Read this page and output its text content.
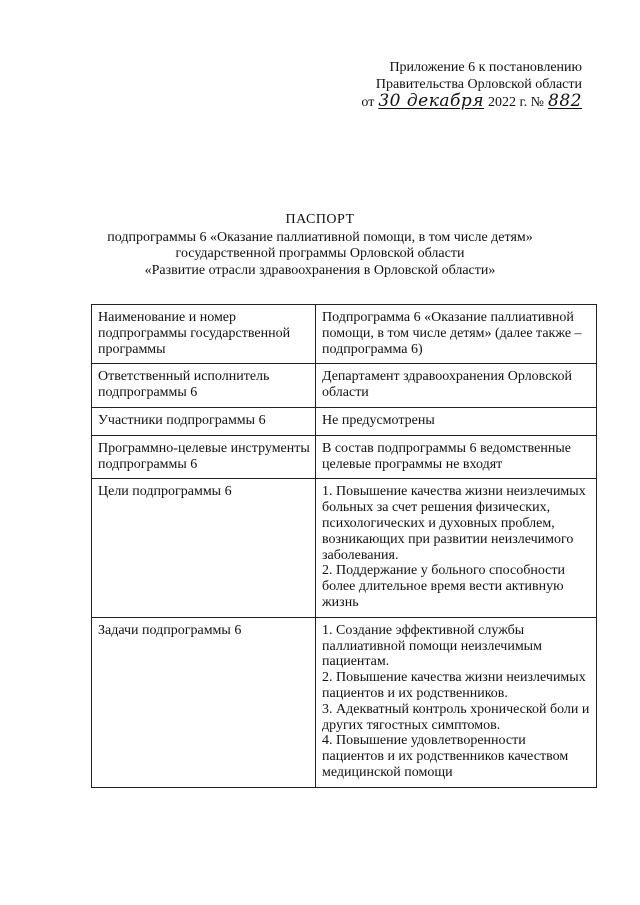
Приложение 6 к постановлению
Правительства Орловской области
от 30 декабря 2022 г. № 882
ПАСПОРТ
подпрограммы 6 «Оказание паллиативной помощи, в том числе детям»
государственной программы Орловской области
«Развитие отрасли здравоохранения в Орловской области»
Наименование и номер подпрограммы государственной программы	Подпрограмма 6 «Оказание паллиативной помощи, в том числе детям» (далее также – подпрограмма 6)

Ответственный исполнитель подпрограммы 6	Департамент здравоохранения Орловской области

Участники подпрограммы 6	Не предусмотрены

Программно-целевые инструменты подпрограммы 6	В состав подпрограммы 6 ведомственные целевые программы не входят

Цели подпрограммы 6	1. Повышение качества жизни неизлечимых больных за счет решения физических, психологических и духовных проблем, возникающих при развитии неизлечимого заболевания.
2. Поддержание у больного способности более длительное время вести активную жизнь

Задачи подпрограммы 6	1. Создание эффективной службы паллиативной помощи неизлечимым пациентам.
2. Повышение качества жизни неизлечимых пациентов и их родственников.
3. Адекватный контроль хронической боли и других тягостных симптомов.
4. Повышение удовлетворенности пациентов и их родственников качеством медицинской помощи
